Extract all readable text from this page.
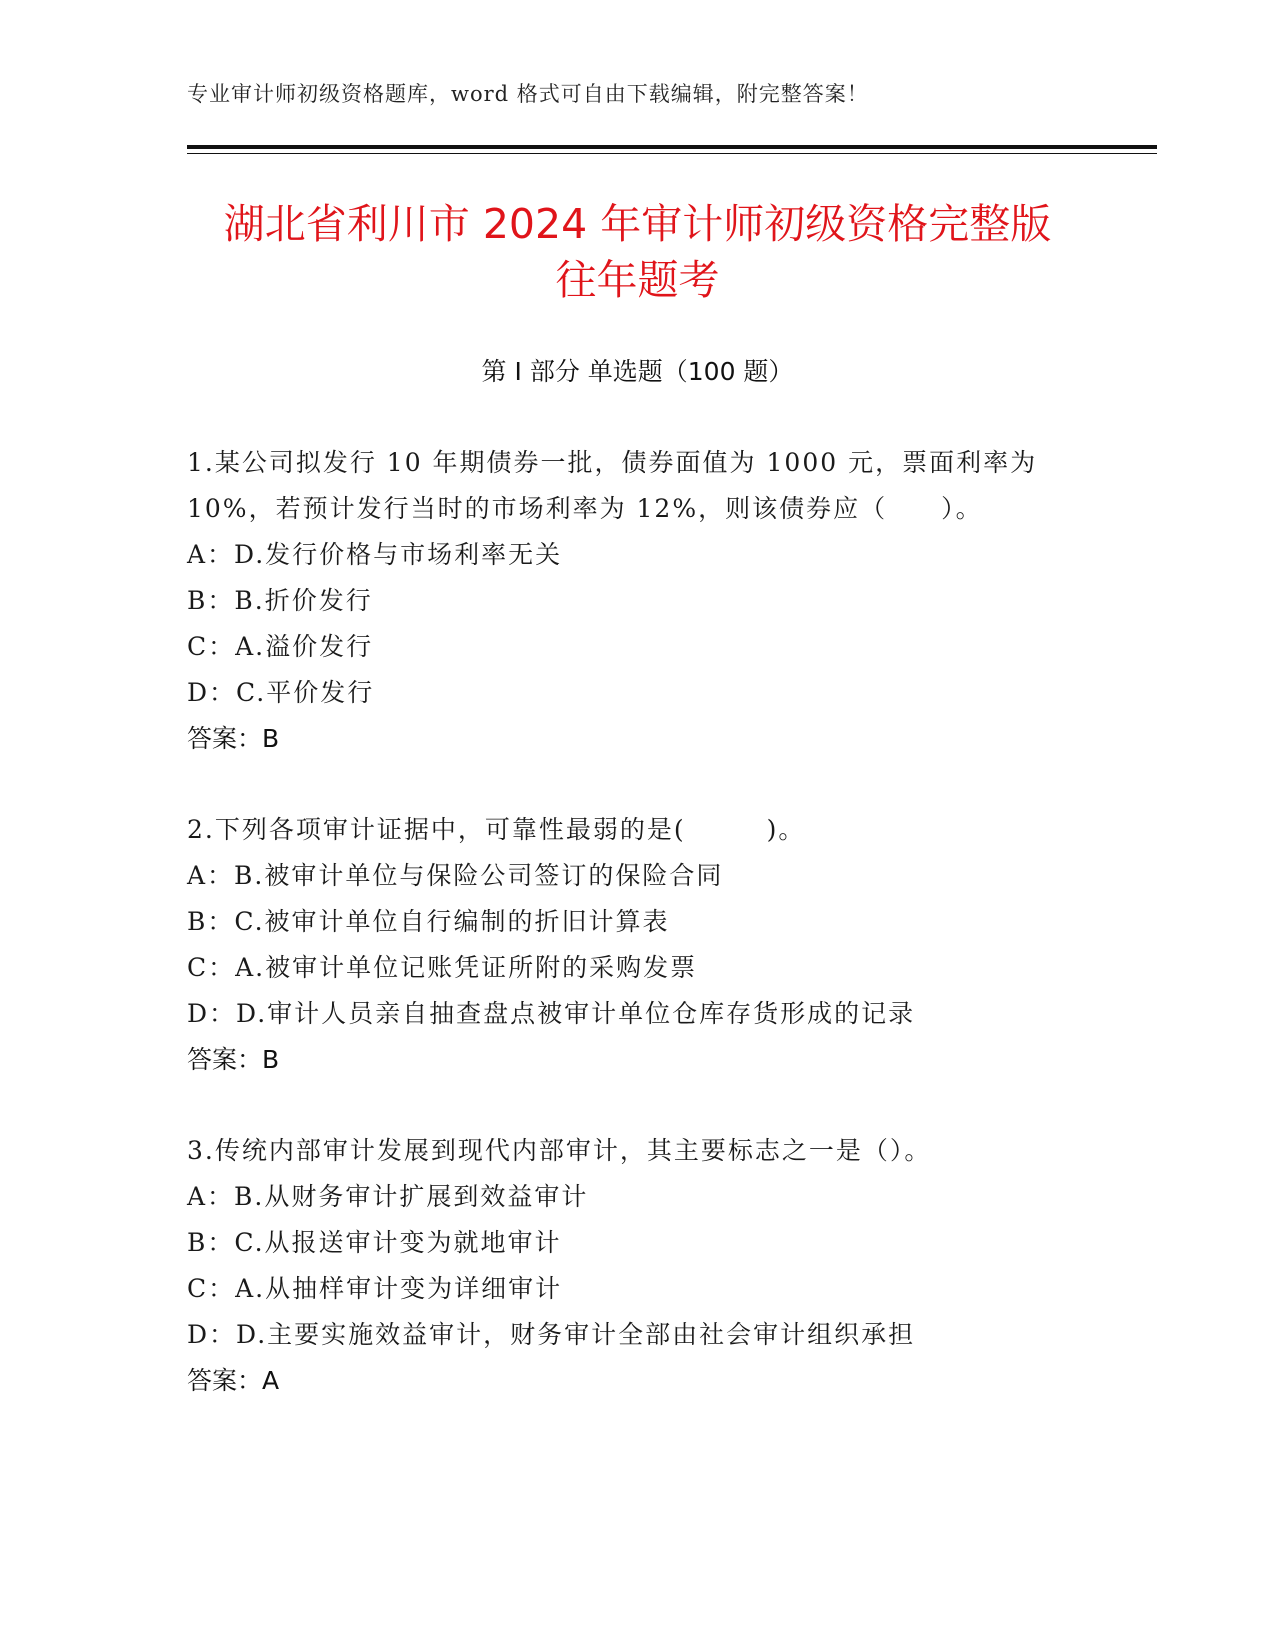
专业审计师初级资格题库，word 格式可自由下载编辑，附完整答案！
湖北省利川市 2024 年审计师初级资格完整版
往年题考
第 I 部分 单选题（100 题）
1.某公司拟发行 10 年期债券一批，债券面值为 1000 元，票面利率为 10%，若预计发行当时的市场利率为 12%，则该债券应（　　）。
A：D.发行价格与市场利率无关
B：B.折价发行
C：A.溢价发行
D：C.平价发行
答案：B
2.下列各项审计证据中，可靠性最弱的是(　　　)。
A：B.被审计单位与保险公司签订的保险合同
B：C.被审计单位自行编制的折旧计算表
C：A.被审计单位记账凭证所附的采购发票
D：D.审计人员亲自抽查盘点被审计单位仓库存货形成的记录
答案：B
3.传统内部审计发展到现代内部审计，其主要标志之一是（）。
A：B.从财务审计扩展到效益审计
B：C.从报送审计变为就地审计
C：A.从抽样审计变为详细审计
D：D.主要实施效益审计，财务审计全部由社会审计组织承担
答案：A
